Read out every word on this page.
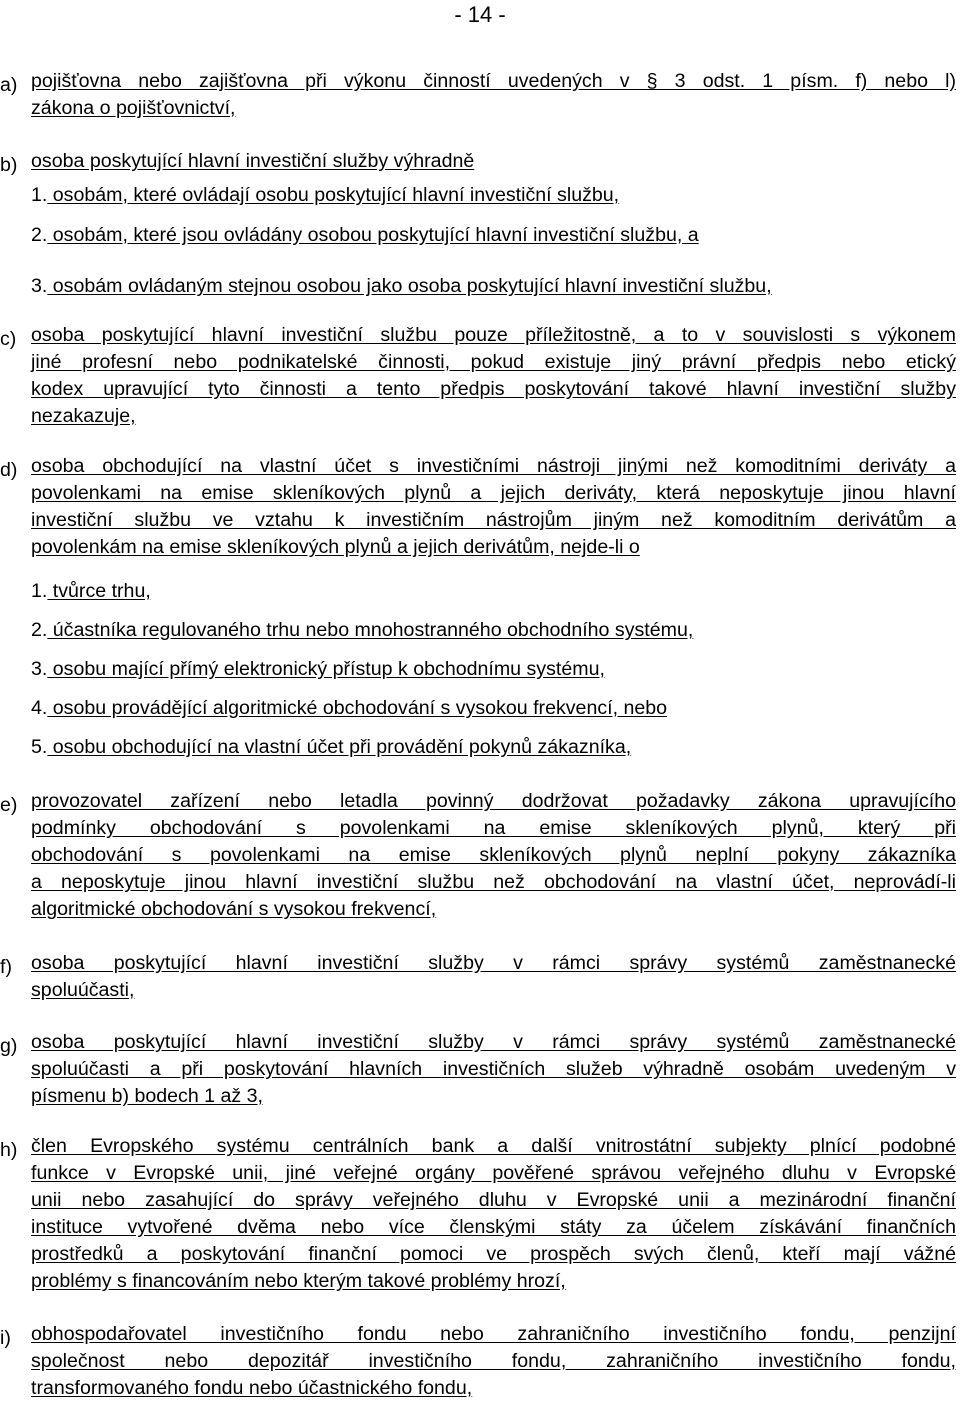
- 14 -
a) pojišťovna nebo zajišťovna při výkonu činností uvedených v § 3 odst. 1 písm. f) nebo l)
zákona o pojišťovnictví,
b) osoba poskytující hlavní investiční služby výhradně
1. osobám, které ovládají osobu poskytující hlavní investiční službu,
2. osobám, které jsou ovládány osobou poskytující hlavní investiční službu, a
3. osobám ovládaným stejnou osobou jako osoba poskytující hlavní investiční službu,
c) osoba poskytující hlavní investiční službu pouze příležitostně, a to v souvislosti s výkonem
jiné profesní nebo podnikatelské činnosti, pokud existuje jiný právní předpis nebo etický
kodex upravující tyto činnosti a tento předpis poskytování takové hlavní investiční služby
nezakazuje,
d) osoba obchodující na vlastní účet s investičními nástroji jinými než komoditními deriváty a
povolenkami na emise skleníkových plynů a jejich deriváty, která neposkytuje jinou hlavní
investiční službu ve vztahu k investičním nástrojům jiným než komoditním derivátům a
povolenkám na emise skleníkových plynů a jejich derivátům, nejde-li o
1. tvůrce trhu,
2. účastníka regulovaného trhu nebo mnohostranného obchodního systému,
3. osobu mající přímý elektronický přístup k obchodnímu systému,
4. osobu provádějící algoritmické obchodování s vysokou frekvencí, nebo
5. osobu obchodující na vlastní účet při provádění pokynů zákazníka,
e) provozovatel zařízení nebo letadla povinný dodržovat požadavky zákona upravujícího
podmínky obchodování s povolenkami na emise skleníkových plynů, který při
obchodování s povolenkami na emise skleníkových plynů neplní pokyny zákazníka
a neposkytuje jinou hlavní investiční službu než obchodování na vlastní účet, neprovádí-li
algoritmické obchodování s vysokou frekvencí,
f) osoba poskytující hlavní investiční služby v rámci správy systémů zaměstnanecké
spoluúčasti,
g) osoba poskytující hlavní investiční služby v rámci správy systémů zaměstnanecké
spoluúčasti a při poskytování hlavních investičních služeb výhradně osobám uvedeným v
písmenu b) bodech 1 až 3,
h) člen Evropského systému centrálních bank a další vnitrostátní subjekty plnící podobné
funkce v Evropské unii, jiné veřejné orgány pověřené správou veřejného dluhu v Evropské
unii nebo zasahující do správy veřejného dluhu v Evropské unii a mezinárodní finanční
instituce vytvořené dvěma nebo více členskými státy za účelem získávání finančních
prostředků a poskytování finanční pomoci ve prospěch svých členů, kteří mají vážné
problémy s financováním nebo kterým takové problémy hrozí,
i) obhospodařovatel investičního fondu nebo zahraničního investičního fondu, penzijní
společnost nebo depozitář investičního fondu, zahraničního investičního fondu,
transformovaného fondu nebo účastnického fondu,
